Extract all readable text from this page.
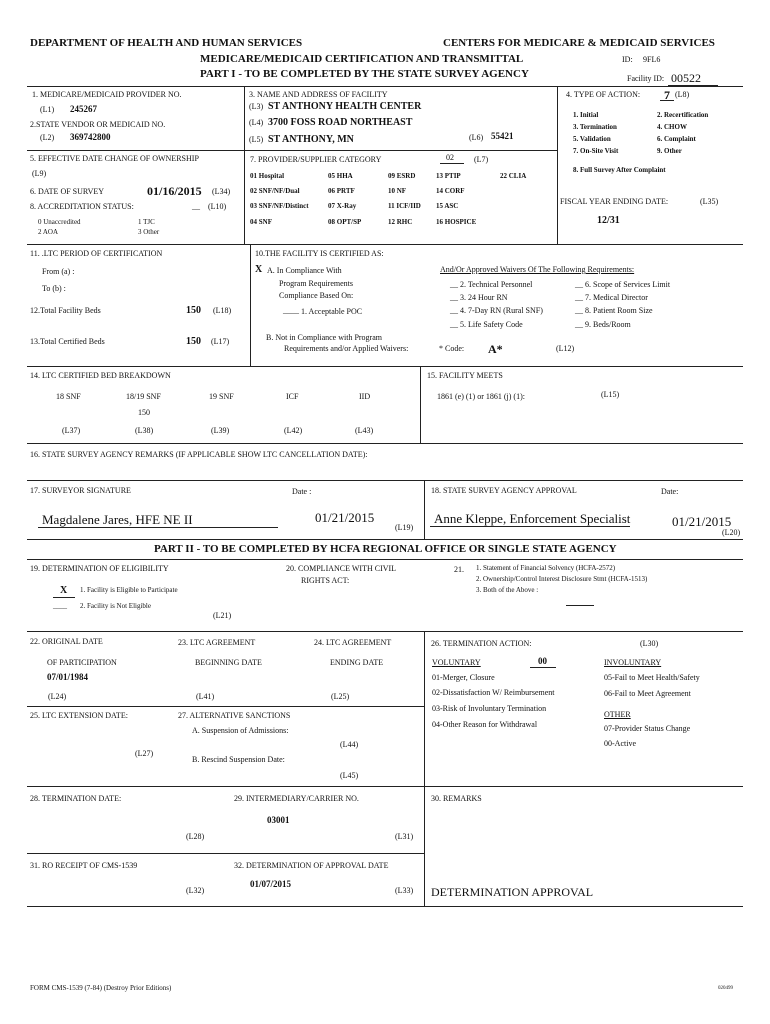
DEPARTMENT OF HEALTH AND HUMAN SERVICES	CENTERS FOR MEDICARE & MEDICAID SERVICES
MEDICARE/MEDICAID CERTIFICATION AND TRANSMITTAL	ID: 9FL6
PART I - TO BE COMPLETED BY THE STATE SURVEY AGENCY	Facility ID: 00522
1. MEDICARE/MEDICAID PROVIDER NO.
(L1) 245267
2.STATE VENDOR OR MEDICAID NO.
(L2) 369742800
3. NAME AND ADDRESS OF FACILITY
(L3) ST ANTHONY HEALTH CENTER
(L4) 3700 FOSS ROAD NORTHEAST
(L5) ST ANTHONY, MN	(L6) 55421
4. TYPE OF ACTION: 7 (L8)
1. Initial	2. Recertification
3. Termination	4. CHOW
5. Validation	6. Complaint
7. On-Site Visit	9. Other
8. Full Survey After Complaint
5. EFFECTIVE DATE CHANGE OF OWNERSHIP
(L9)
6. DATE OF SURVEY	01/16/2015 (L34)
8. ACCREDITATION STATUS:	__ (L10)
0 Unaccredited	1 TJC
2 AOA	3 Other
7. PROVIDER/SUPPLIER CATEGORY	02	(L7)
01 Hospital	05 HHA	09 ESRD	13 PTIP	22 CLIA
02 SNF/NF/Dual	06 PRTF	10 NF	14 CORF
03 SNF/NF/Distinct	07 X-Ray	11 ICF/IID 15 ASC
04 SNF	08 OPT/SP	12 RHC	16 HOSPICE
FISCAL YEAR ENDING DATE:	(L35)
12/31
11. .LTC PERIOD OF CERTIFICATION
From (a) :
To (b) :
12.Total Facility Beds	150 (L18)
13.Total Certified Beds	150 (L17)
10.THE FACILITY IS CERTIFIED AS:
X A. In Compliance With
Program Requirements
Compliance Based On:
____ 1. Acceptable POC
B. Not in Compliance with Program
Requirements and/or Applied Waivers:	* Code: A*	(L12)
And/Or Approved Waivers Of The Following Requirements:
__ 2. Technical Personnel	__ 6. Scope of Services Limit
__ 3. 24 Hour RN	__ 7. Medical Director
__ 4. 7-Day RN (Rural SNF)	__ 8. Patient Room Size
__ 5. Life Safety Code	__ 9. Beds/Room
14. LTC CERTIFIED BED BREAKDOWN
18 SNF	18/19 SNF	19 SNF	ICF	IID
150
(L37)	(L38)	(L39)	(L42)	(L43)
15. FACILITY MEETS
1861 (e) (1) or 1861 (j) (1):	(L15)
16. STATE SURVEY AGENCY REMARKS (IF APPLICABLE SHOW LTC CANCELLATION DATE):
17. SURVEYOR SIGNATURE	Date :
Magdalene Jares, HFE NE II	01/21/2015
(L19)
18. STATE SURVEY AGENCY APPROVAL	Date:
Anne Kleppe, Enforcement Specialist	01/21/2015
(L20)
PART II - TO BE COMPLETED BY HCFA REGIONAL OFFICE OR SINGLE STATE AGENCY
19. DETERMINATION OF ELIGIBILITY
X 1. Facility is Eligible to Participate
____ 2. Facility is Not Eligible
(L21)
20. COMPLIANCE WITH CIVIL
RIGHTS ACT:
21. 1. Statement of Financial Solvency (HCFA-2572)
2. Ownership/Control Interest Disclosure Stmt (HCFA-1513)
3. Both of the Above :
22. ORIGINAL DATE
OF PARTICIPATION
07/01/1984
(L24)
23. LTC AGREEMENT
BEGINNING DATE
(L41)
24. LTC AGREEMENT
ENDING DATE
(L25)
25. LTC EXTENSION DATE:
(L27)
27. ALTERNATIVE SANCTIONS
A. Suspension of Admissions:
(L44)
B. Rescind Suspension Date:
(L45)
26. TERMINATION ACTION:	(L30)
VOLUNTARY	00	INVOLUNTARY
01-Merger, Closure
02-Dissatisfaction W/ Reimbursement
03-Risk of Involuntary Termination
04-Other Reason for Withdrawal
05-Fail to Meet Health/Safety
06-Fail to Meet Agreement
OTHER
07-Provider Status Change
00-Active
28. TERMINATION DATE:
(L28)
29. INTERMEDIARY/CARRIER NO.
03001
(L31)
30. REMARKS
31. RO RECEIPT OF CMS-1539
(L32)
32. DETERMINATION OF APPROVAL DATE
01/07/2015
(L33) DETERMINATION APPROVAL
FORM CMS-1539 (7-84) (Destroy Prior Editions)	020499
